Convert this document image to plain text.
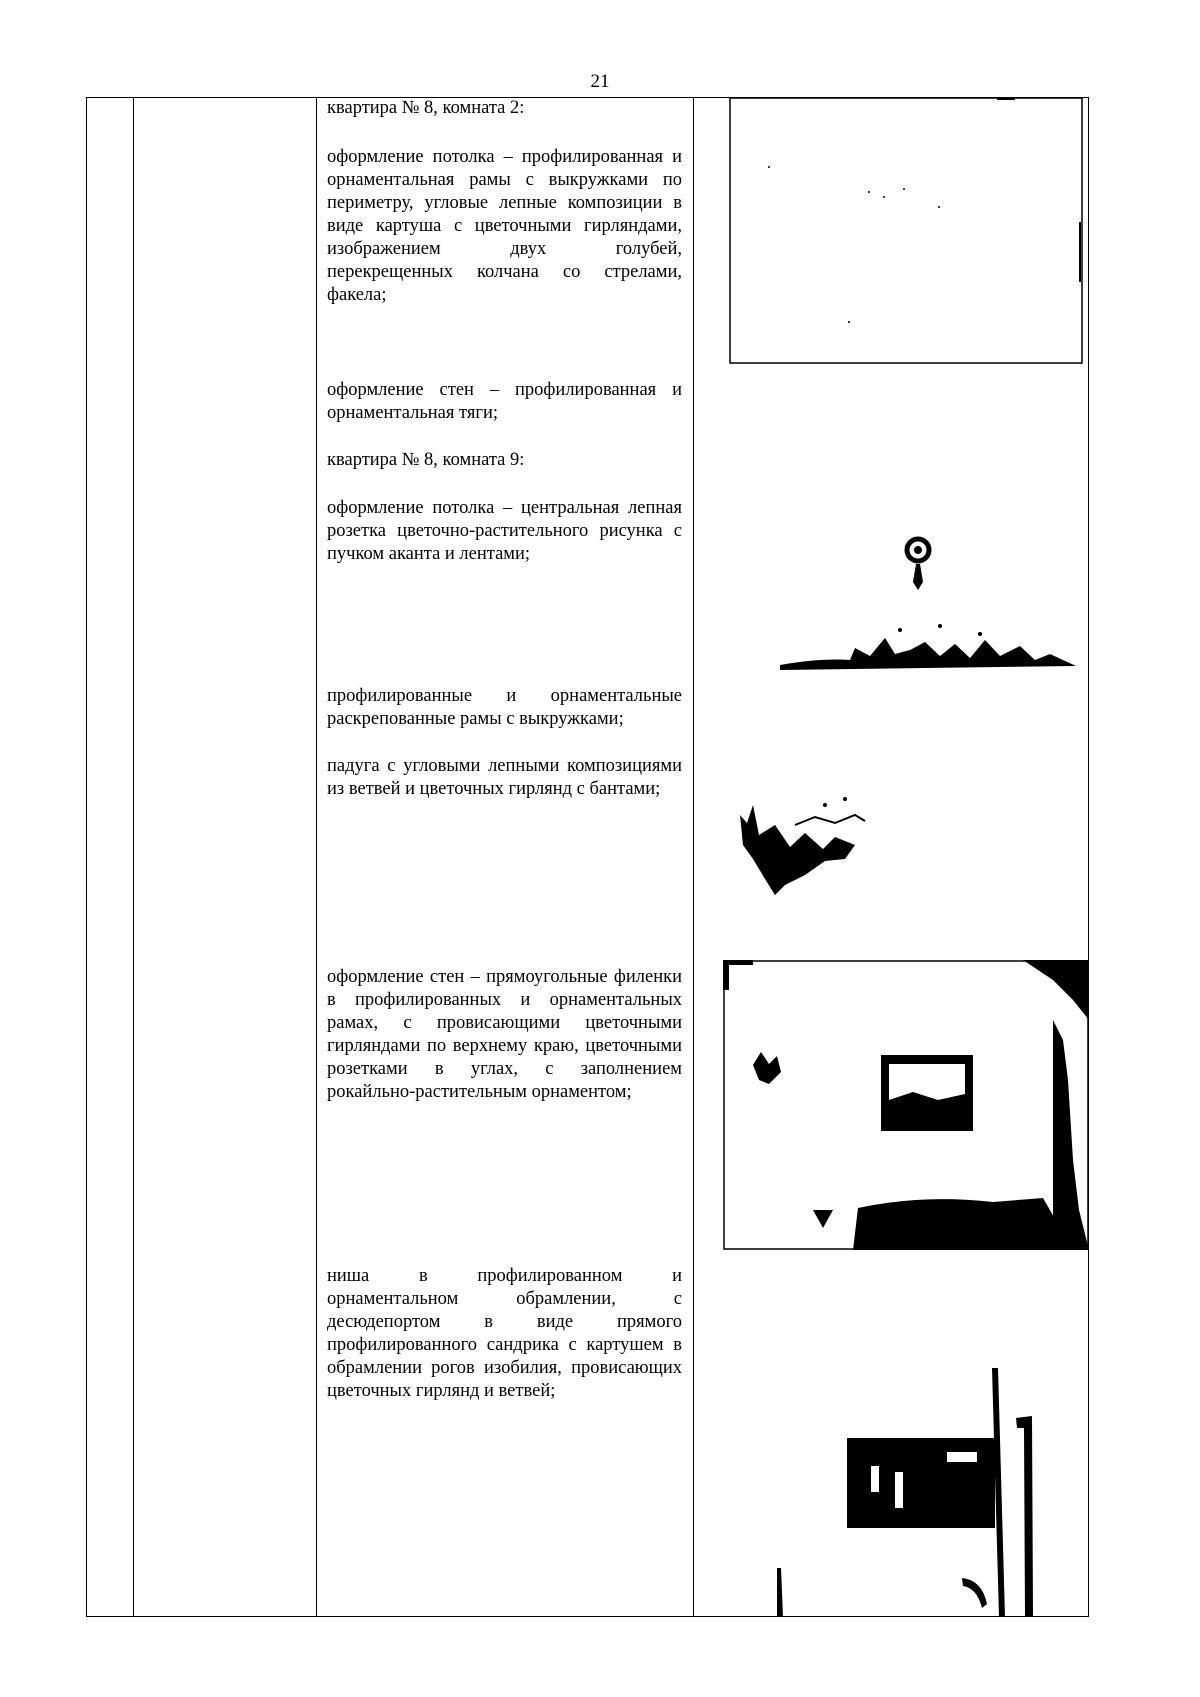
21
квартира № 8, комната 2:
оформление потолка – профилированная и орнаментальная рамы с выкружками по периметру, угловые лепные композиции в виде картуша с цветочными гирляндами, изображением двух голубей, перекрещенных колчана со стрелами, факела;
оформление стен – профилированная и орнаментальная тяги;
квартира № 8, комната 9:
оформление потолка – центральная лепная розетка цветочно-растительного рисунка с пучком аканта и лентами;
профилированные и орнаментальные раскрепованные рамы с выкружками;
падуга с угловыми лепными композициями из ветвей и цветочных гирлянд с бантами;
оформление стен – прямоугольные филенки в профилированных и орнаментальных рамах, с провисающими цветочными гирляндами по верхнему краю, цветочными розетками в углах, с заполнением рокайльно-растительным орнаментом;
ниша в профилированном и орнаментальном обрамлении, с десюдепортом в виде прямого профилированного сандрика с картушем в обрамлении рогов изобилия, провисающих цветочных гирлянд и ветвей;
